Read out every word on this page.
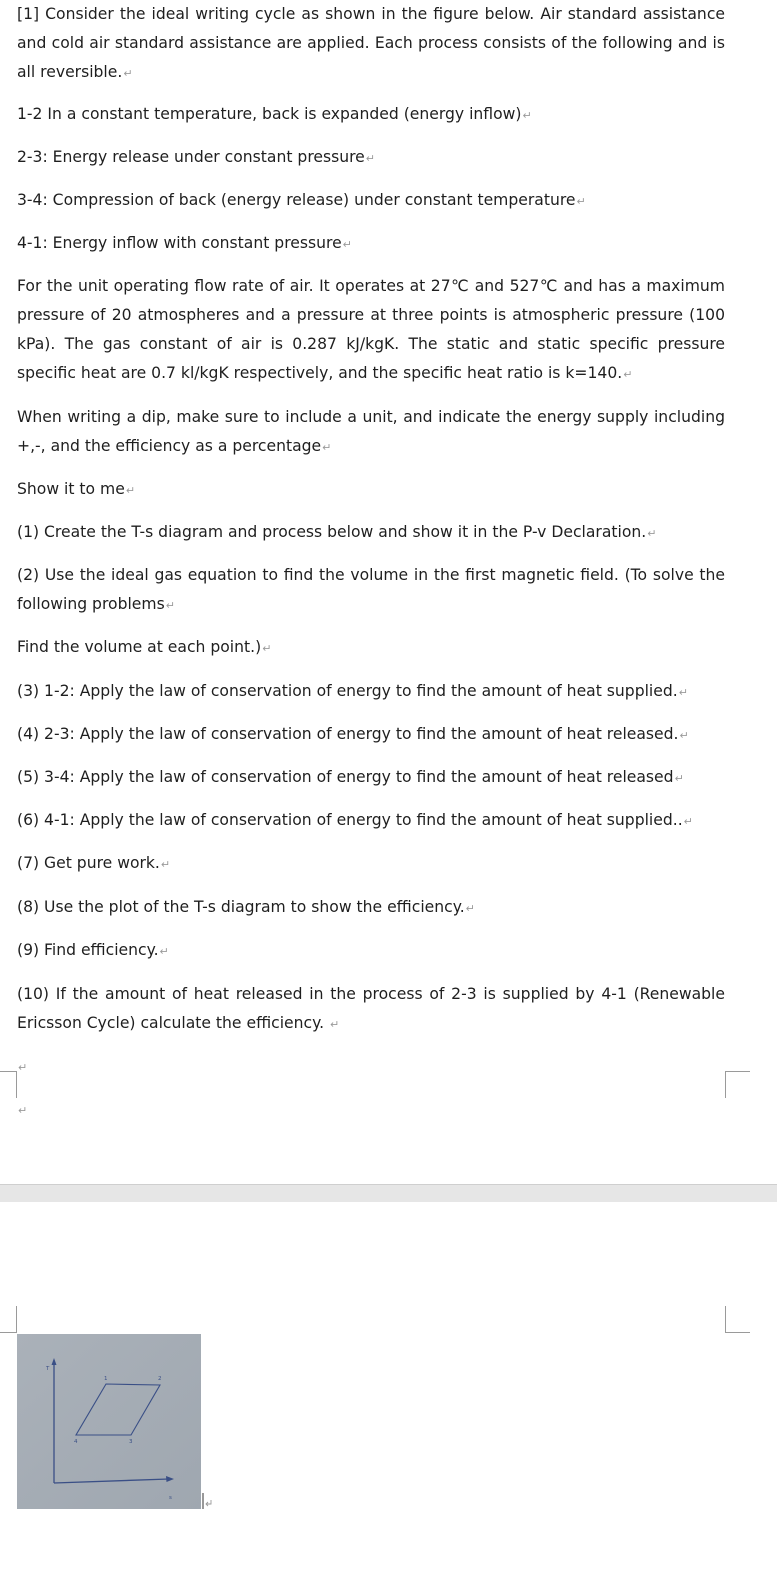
[1] Consider the ideal writing cycle as shown in the figure below. Air standard assistance and cold air standard assistance are applied. Each process consists of the following and is all reversible.↵

1-2 In a constant temperature, back is expanded (energy inflow)↵

2-3: Energy release under constant pressure↵

3-4: Compression of back (energy release) under constant temperature↵

4-1: Energy inflow with constant pressure↵

For the unit operating flow rate of air. It operates at 27℃ and 527℃ and has a maximum pressure of 20 atmospheres and a pressure at three points is atmospheric pressure (100 kPa). The gas constant of air is 0.287 kJ/kgK. The static and static specific pressure specific heat are 0.7 kl/kgK respectively, and the specific heat ratio is k=140.↵

When writing a dip, make sure to include a unit, and indicate the energy supply including +,-, and the efficiency as a percentage↵

Show it to me↵

(1) Create the T-s diagram and process below and show it in the P-v Declaration.↵

(2) Use the ideal gas equation to find the volume in the first magnetic field. (To solve the following problems↵

Find the volume at each point.)↵

(3) 1-2: Apply the law of conservation of energy to find the amount of heat supplied.↵

(4) 2-3: Apply the law of conservation of energy to find the amount of heat released.↵

(5) 3-4: Apply the law of conservation of energy to find the amount of heat released↵

(6) 4-1: Apply the law of conservation of energy to find the amount of heat supplied..↵

(7) Get pure work.↵

(8) Use the plot of the T-s diagram to show the efficiency.↵

(9) Find efficiency.↵

(10) If the amount of heat released in the process of 2-3 is supplied by 4-1 (Renewable Ericsson Cycle) calculate the efficiency. ↵

↵

↵

T
s
1	2
3
4
